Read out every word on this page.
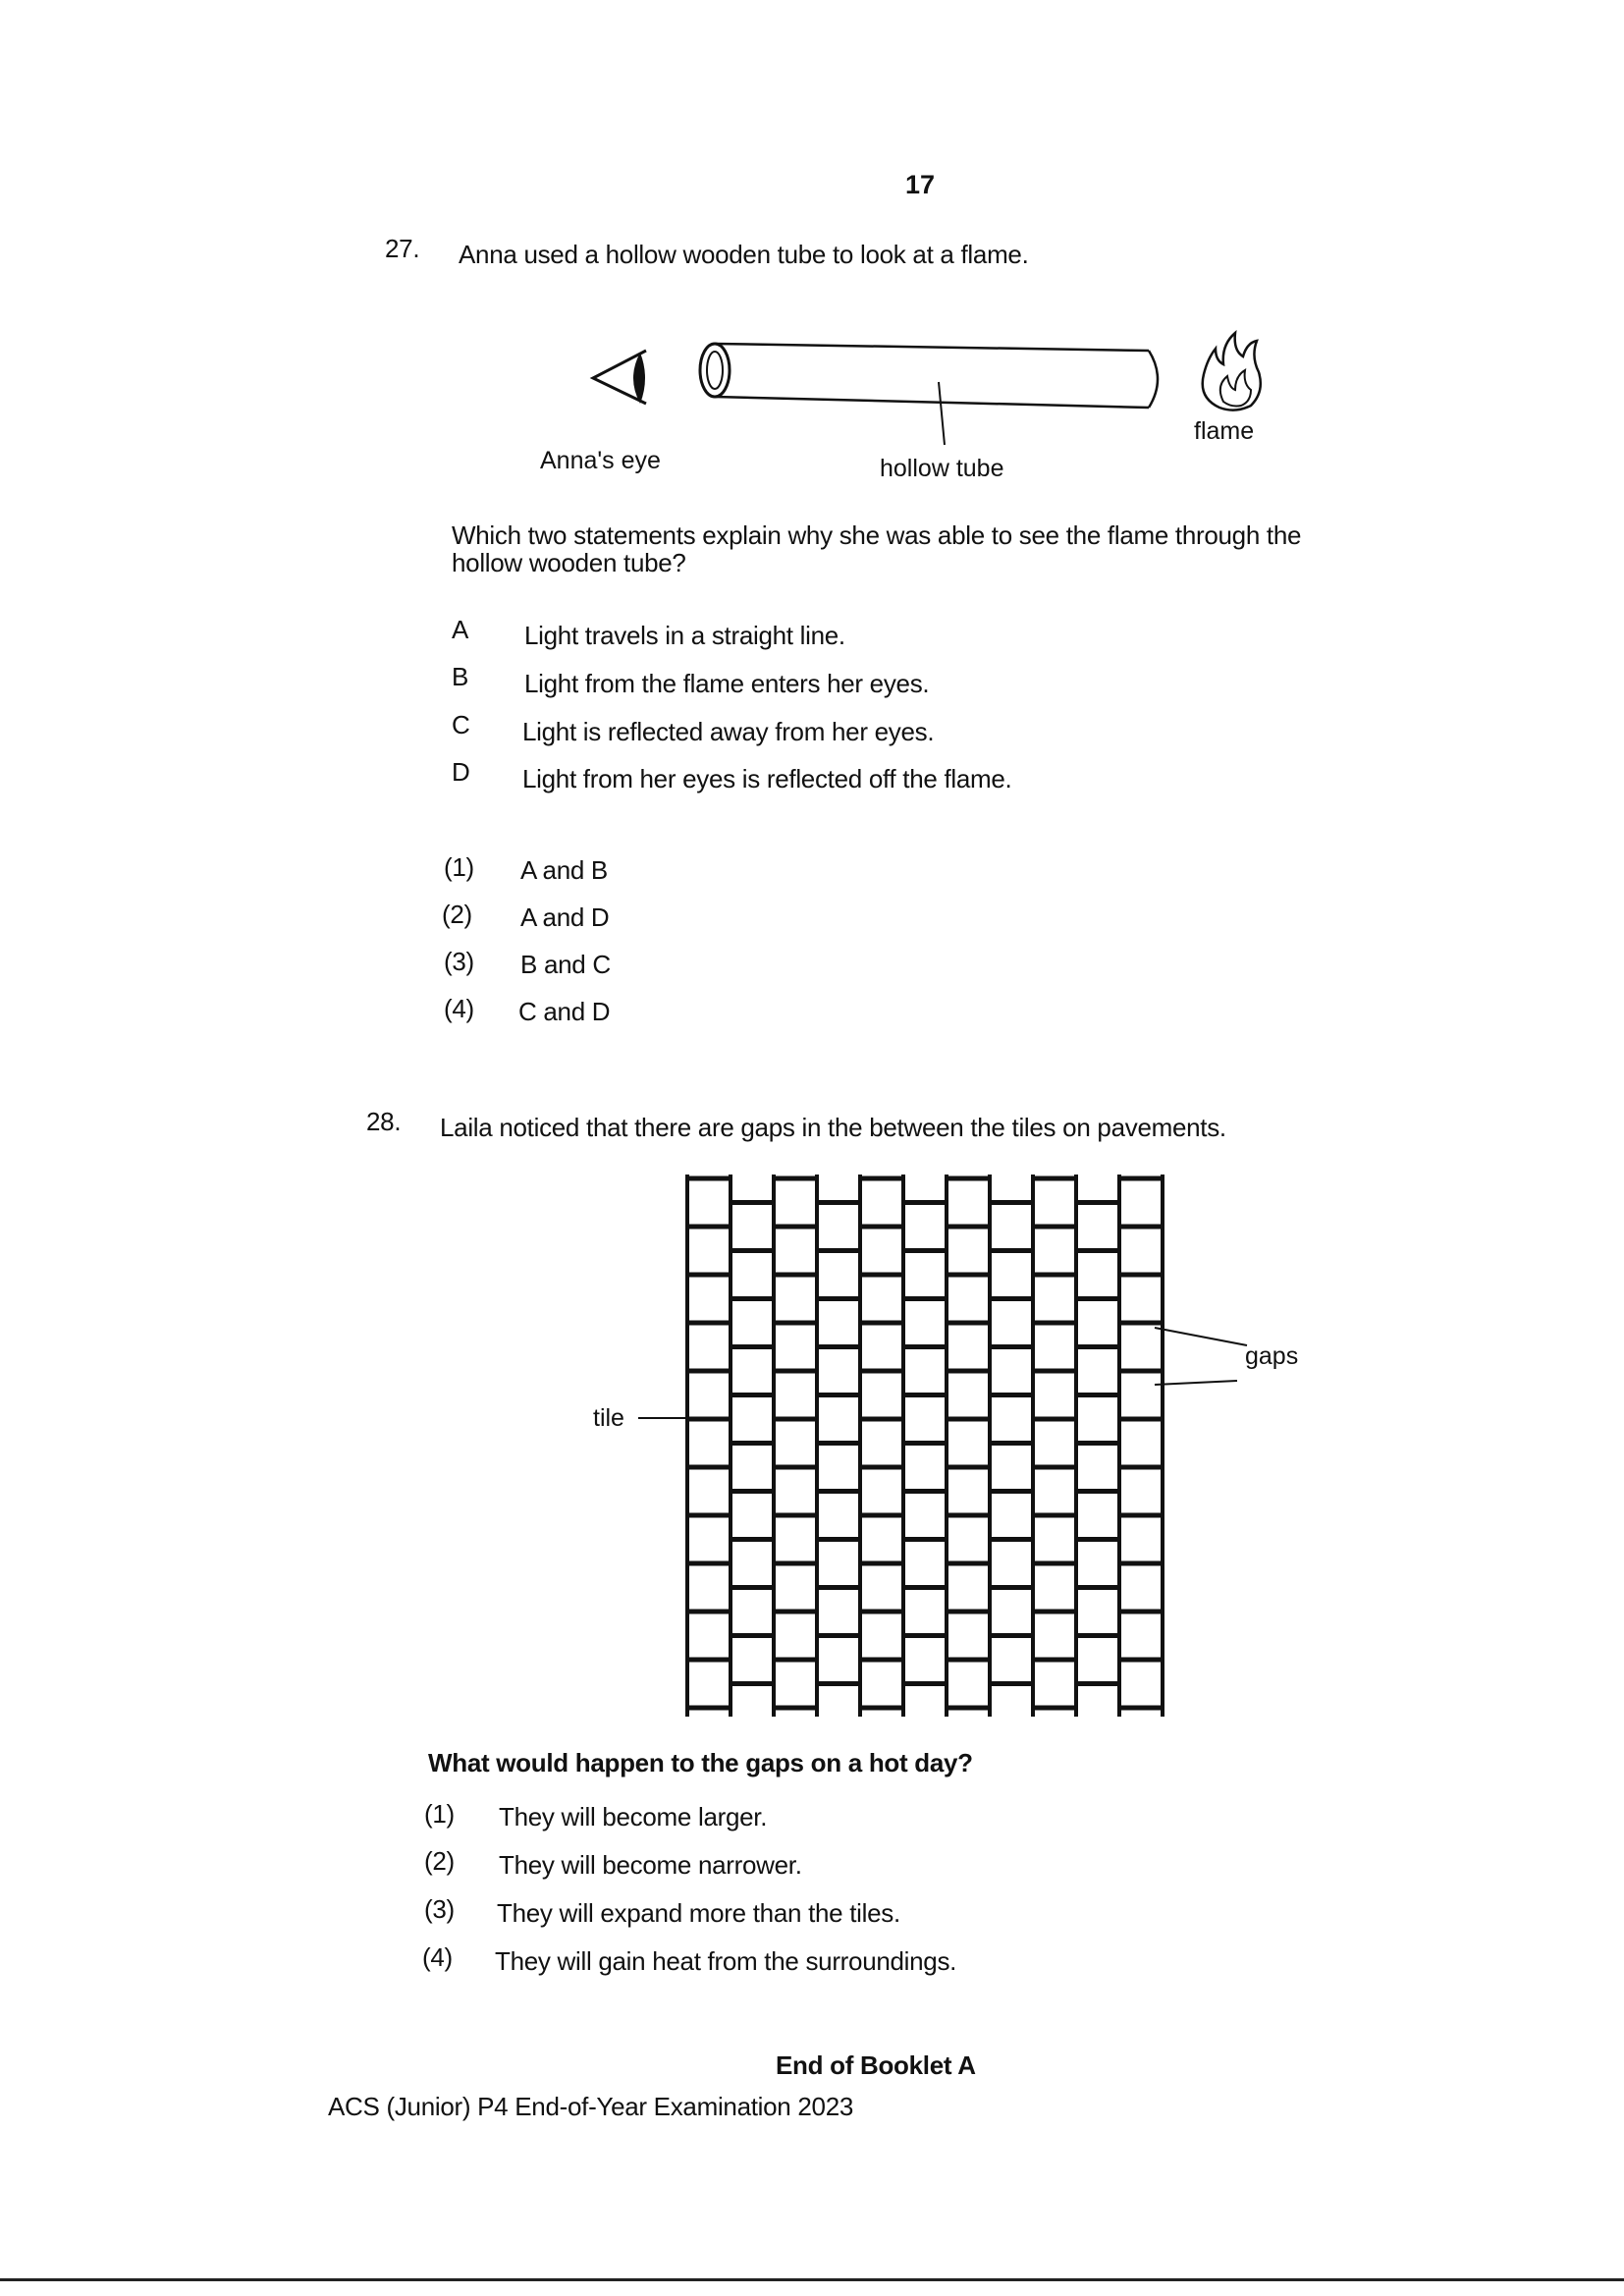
17
27. Anna used a hollow wooden tube to look at a flame.
Anna's eye	hollow tube
flame
Which two statements explain why she was able to see the flame through the
hollow wooden tube?
A Light travels in a straight line.
B Light from the flame enters her eyes.
C Light is reflected away from her eyes.
D Light from her eyes is reflected off the flame.
(1) A and B
(2) A and D
(3) B and C
(4) C and D
28. Laila noticed that there are gaps in the between the tiles on pavements.
tile
gaps
What would happen to the gaps on a hot day?
(1) They will become larger.
(2) They will become narrower.
(3) They will expand more than the tiles.
(4) They will gain heat from the surroundings.
End of Booklet A
ACS (Junior) P4 End-of-Year Examination 2023
